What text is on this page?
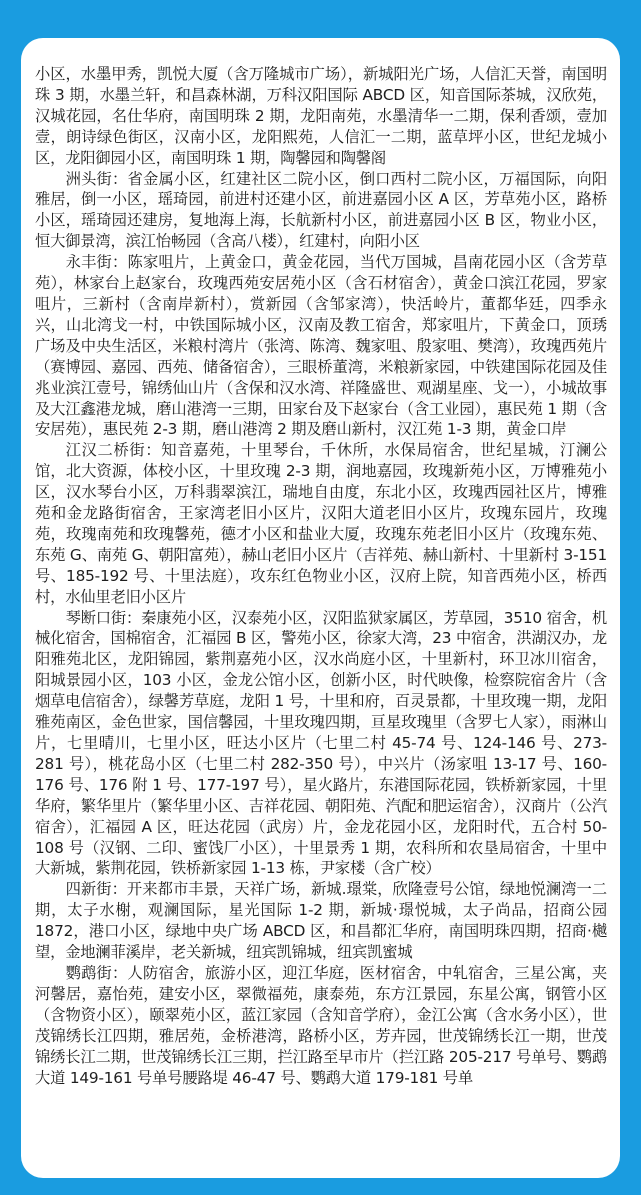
小区，水墨甲秀，凯悦大厦（含万隆城市广场），新城阳光广场，人信汇天誉，南国明珠 3 期，水墨兰轩，和昌森林湖，万科汉阳国际 ABCD 区，知音国际茶城，汉欣苑，汉城花园，名仕华府，南国明珠 2 期，龙阳南苑，水墨清华一二期，保利香颂，壹加壹，朗诗绿色街区，汉南小区，龙阳熙苑，人信汇一二期，蓝草坪小区，世纪龙城小区，龙阳御园小区，南国明珠 1 期，陶馨园和陶馨阁

洲头街：省金属小区，红建社区二院小区，倒口西村二院小区，万福国际，向阳雅居，倒一小区，瑶琦园，前进村还建小区，前进嘉园小区 A 区，芳草苑小区，路桥小区，瑶琦园还建房，复地海上海，长航新村小区，前进嘉园小区 B 区，物业小区，恒大御景湾，滨江怡畅园（含高八楼），红建村，向阳小区

永丰街：陈家咀片，上黄金口，黄金花园，当代万国城，昌南花园小区（含芳草苑），林家台上赵家台，玫瑰西苑安居苑小区（含石材宿舍），黄金口滨江花园，罗家咀片，三新村（含南岸新村），赏新园（含邹家湾），快活岭片，董都华廷，四季永兴，山北湾戈一村，中铁国际城小区，汉南及教工宿舍，郑家咀片，下黄金口，顶琇广场及中央生活区，米粮村湾片（张湾、陈湾、魏家咀、殷家咀、樊湾），玫瑰西苑片（赛博园、嘉园、西苑、储备宿舍），三眼桥董湾，米粮新家园，中铁建国际花园及佳兆业滨江壹号，锦绣仙山片（含保和汉水湾、祥隆盛世、观湖星座、戈一），小城故事及大江鑫港龙城，磨山港湾一三期，田家台及下赵家台（含工业园），惠民苑 1 期（含安居苑），惠民苑 2-3 期，磨山港湾 2 期及磨山新村，汉江苑 1-3 期，黄金口岸

江汉二桥街：知音嘉苑，十里琴台，千休所，水保局宿舍，世纪星城，汀澜公馆，北大资源，体校小区，十里玫瑰 2-3 期，润地嘉园，玫瑰新苑小区，万博雅苑小区，汉水琴台小区，万科翡翠滨江，瑞地自由度，东北小区，玫瑰西园社区片，博雅苑和金龙路街宿舍，王家湾老旧小区片，汉阳大道老旧小区片，玫瑰东园片，玫瑰苑，玫瑰南苑和玫瑰馨苑，德才小区和盐业大厦，玫瑰东苑老旧小区片（玫瑰东苑、东苑 G、南苑 G、朝阳富苑），赫山老旧小区片（吉祥苑、赫山新村、十里新村 3-151 号、185-192 号、十里法庭），攻东红色物业小区，汉府上院，知音西苑小区，桥西村，水仙里老旧小区片

琴断口街：秦康苑小区，汉泰苑小区，汉阳监狱家属区，芳草园，3510 宿舍，机械化宿舍，国棉宿舍，汇福园 B 区，警苑小区，徐家大湾，23 中宿舍，洪湖汉办，龙阳雅苑北区，龙阳锦园，紫荆嘉苑小区，汉水尚庭小区，十里新村，环卫冰川宿舍，阳城景园小区，103 小区，金龙公馆小区，创新小区，时代映像，检察院宿舍片（含烟草电信宿舍），绿馨芳草庭，龙阳 1 号，十里和府，百灵景都，十里玫瑰一期，龙阳雅苑南区，金色世家，国信馨园，十里玫瑰四期，亘星玫瑰里（含罗七人家），雨淋山片，七里晴川，七里小区，旺达小区片（七里二村 45-74 号、124-146 号、273-281 号），桃花岛小区（七里二村 282-350 号），中兴片（汤家咀 13-17 号、160-176 号、176 附 1 号、177-197 号），星火路片，东港国际花园，铁桥新家园，十里华府，繁华里片（繁华里小区、吉祥花园、朝阳苑、汽配和肥运宿舍），汉商片（公汽宿舍），汇福园 A 区，旺达花园（武房）片，金龙花园小区，龙阳时代，五合村 50-108 号（汉钢、二印、蜜饯厂小区），十里景秀 1 期，农科所和农垦局宿舍，十里中大新城，紫荆花园，铁桥新家园 1-13 栋，尹家楼（含广校）

四新街：开来都市丰景，天祥广场，新城.璟棠，欣隆壹号公馆，绿地悦澜湾一二期，太子水榭，观澜国际，星光国际 1-2 期，新城·璟悦城，太子尚品，招商公园 1872，港口小区，绿地中央广场 ABCD 区，和昌都汇华府，南国明珠四期，招商·樾望，金地澜菲溪岸，老关新城，纽宾凯锦城，纽宾凯蜜城

鹦鹉街：人防宿舍，旅游小区，迎江华庭，医材宿舍，中轧宿舍，三星公寓，夹河馨居，嘉怡苑，建安小区，翠微福苑，康泰苑，东方江景园，东星公寓，钢管小区（含物资小区），颐翠苑小区，蓝江家园（含知音学府），金江公寓（含水务小区），世茂锦绣长江四期，雅居苑，金桥港湾，路桥小区，芳卉园，世茂锦绣长江一期，世茂锦绣长江二期，世茂锦绣长江三期，拦江路至早市片（拦江路 205-217 号单号、鹦鹉大道 149-161 号单号腰路堤 46-47 号、鹦鹉大道 179-181 号单
